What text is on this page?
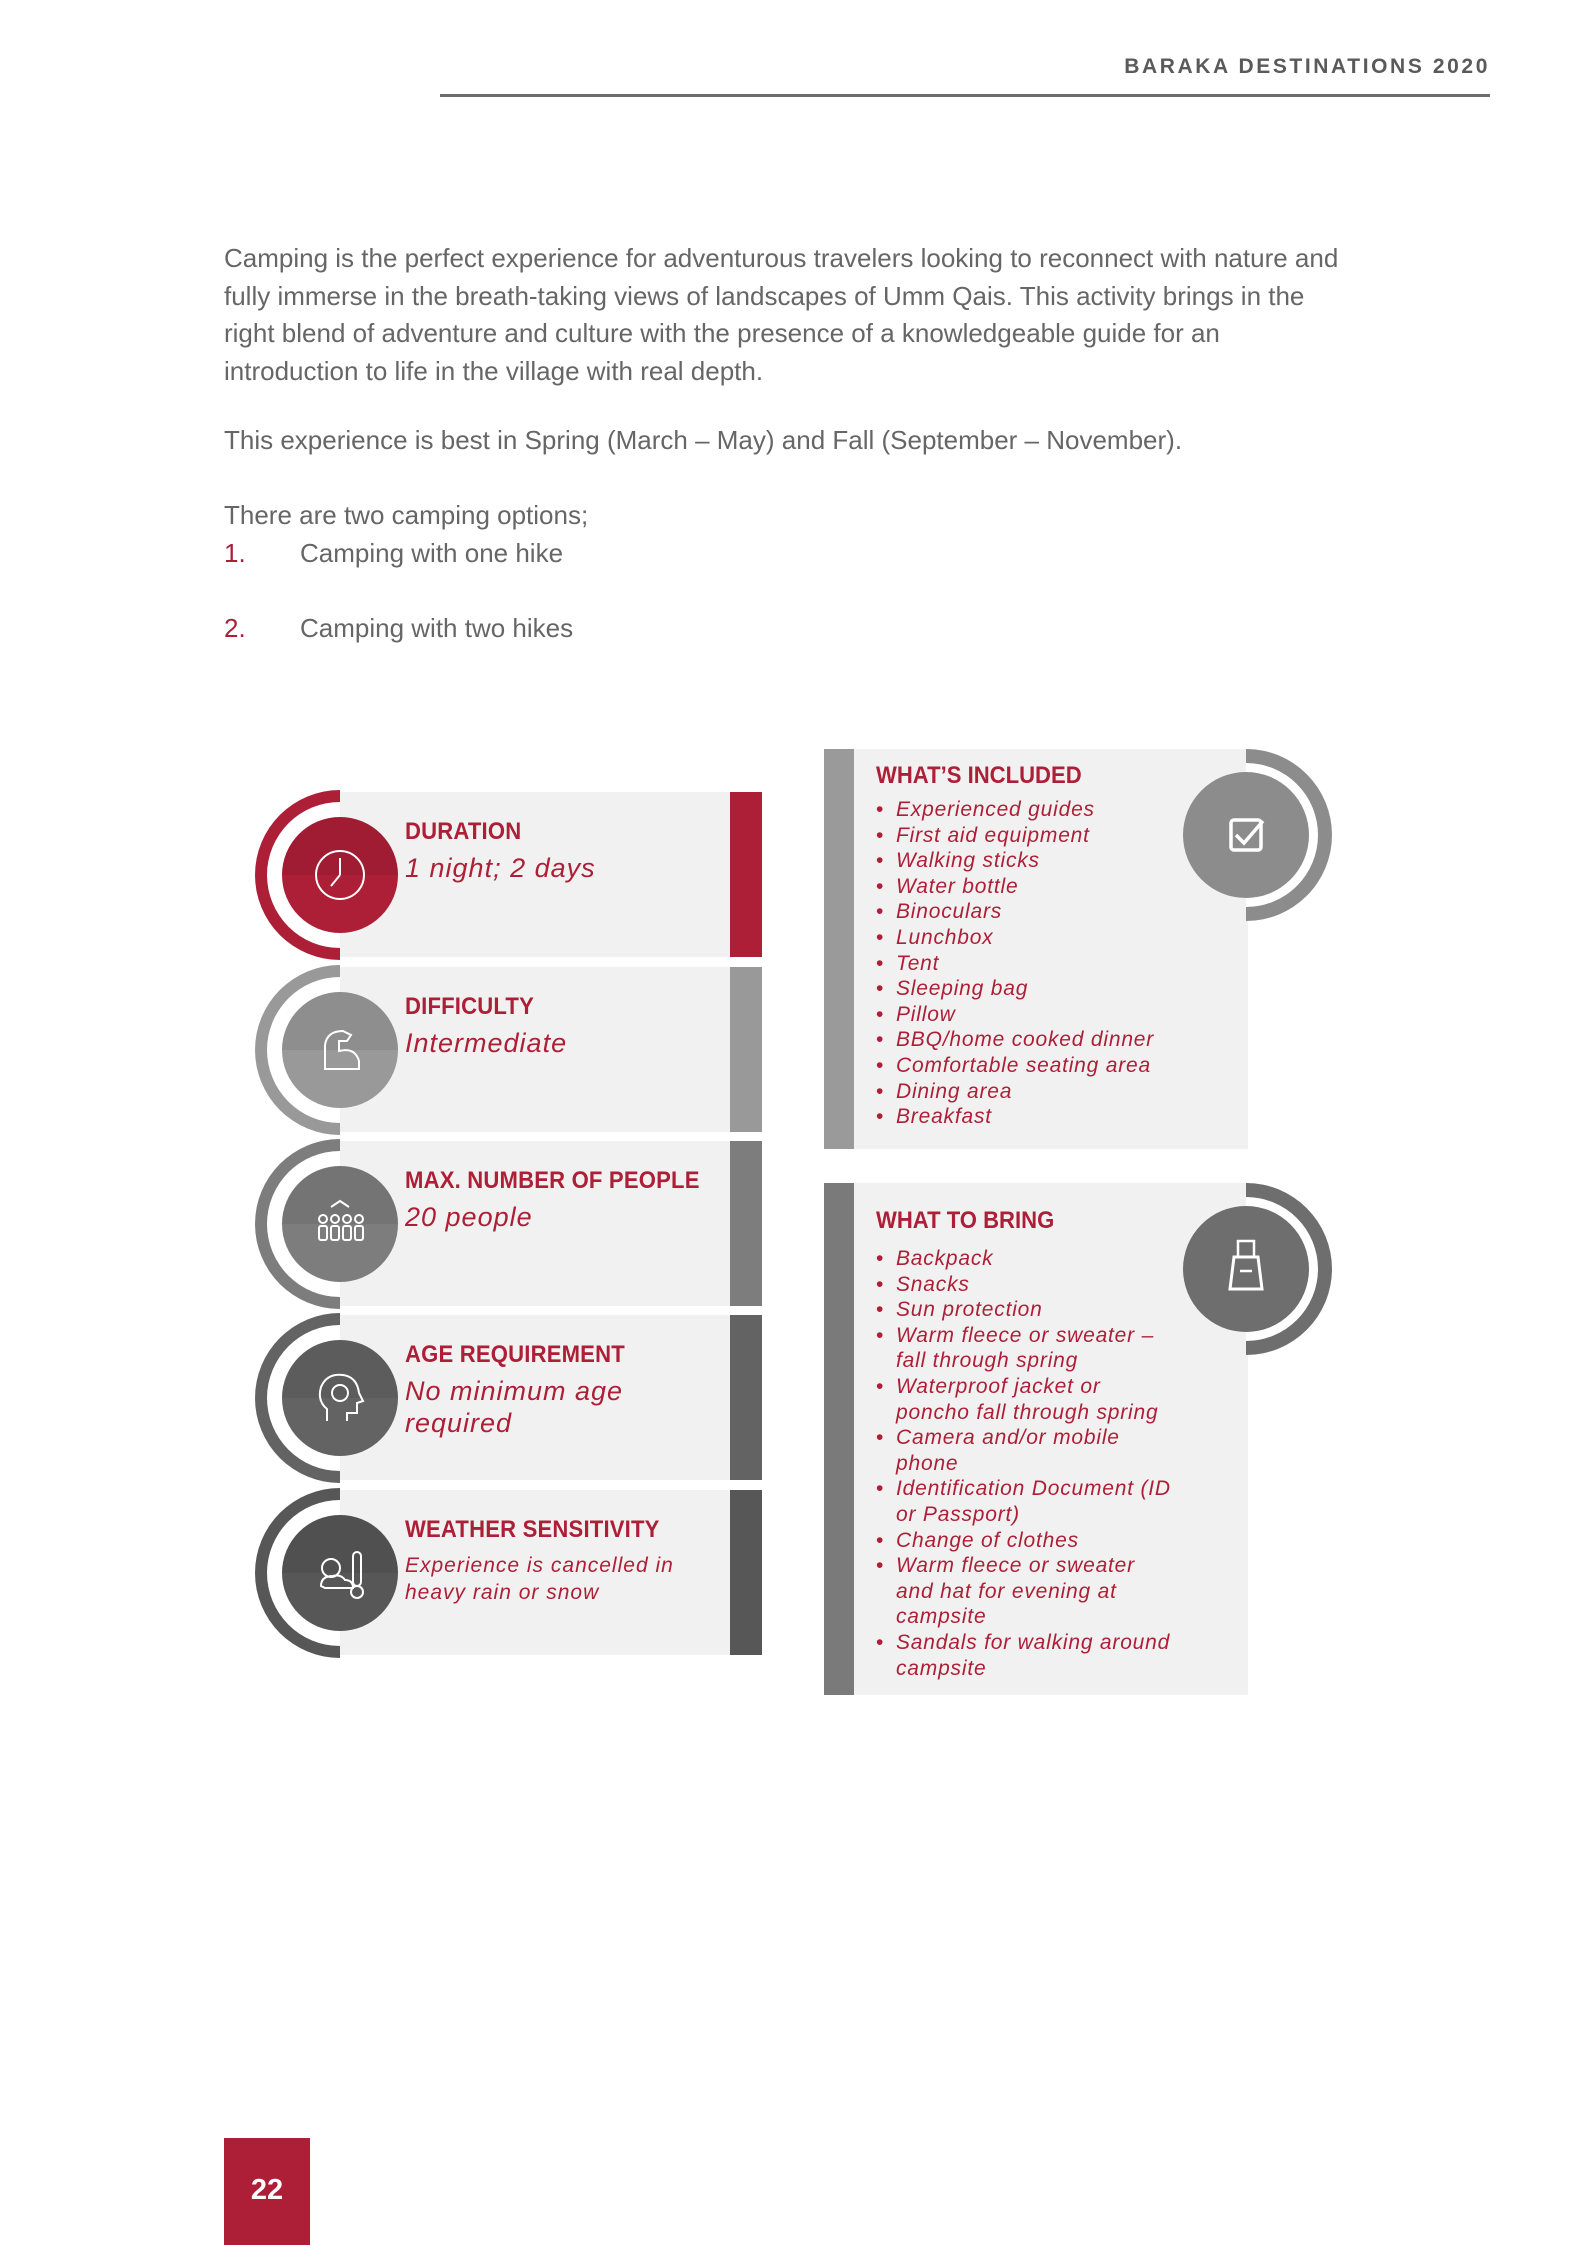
BARAKA DESTINATIONS 2020

Camping is the perfect experience for adventurous travelers looking to reconnect with nature and fully immerse in the breath-taking views of landscapes of Umm Qais. This activity brings in the right blend of adventure and culture with the presence of a knowledgeable guide for an introduction to life in the village with real depth.

This experience is best in Spring (March – May) and Fall (September – November).
There are two camping options;
1. Camping with one hike
2. Camping with two hikes
DURATION
1 night; 2 days
DIFFICULTY
Intermediate
MAX. NUMBER OF PEOPLE
20 people
AGE REQUIREMENT
No minimum age required
WEATHER SENSITIVITY
Experience is cancelled in heavy rain or snow
WHAT’S INCLUDED
• Experienced guides
• First aid equipment
• Walking sticks
• Water bottle
• Binoculars
• Lunchbox
• Tent
• Sleeping bag
• Pillow
• BBQ/home cooked dinner
• Comfortable seating area
• Dining area
• Breakfast
WHAT TO BRING
• Backpack
• Snacks
• Sun protection
• Warm fleece or sweater – fall through spring
• Waterproof jacket or poncho fall through spring
• Camera and/or mobile phone
• Identification Document (ID or Passport)
• Change of clothes
• Warm fleece or sweater and hat for evening at campsite
• Sandals for walking around campsite
22
